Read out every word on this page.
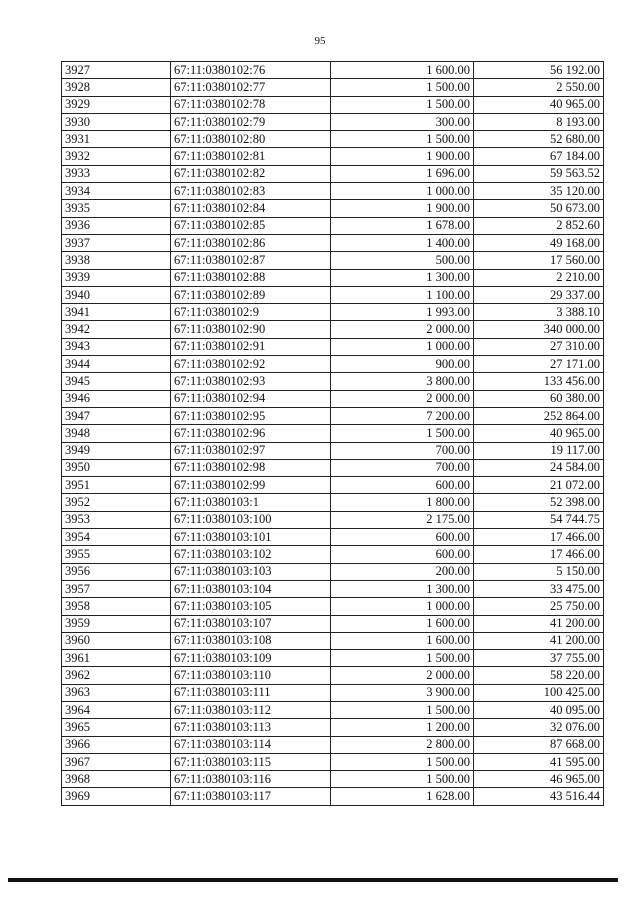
95
3927	67:11:0380102:76	1 600.00	56 192.00
3928	67:11:0380102:77	1 500.00	2 550.00
3929	67:11:0380102:78	1 500.00	40 965.00
3930	67:11:0380102:79	300.00	8 193.00
3931	67:11:0380102:80	1 500.00	52 680.00
3932	67:11:0380102:81	1 900.00	67 184.00
3933	67:11:0380102:82	1 696.00	59 563.52
3934	67:11:0380102:83	1 000.00	35 120.00
3935	67:11:0380102:84	1 900.00	50 673.00
3936	67:11:0380102:85	1 678.00	2 852.60
3937	67:11:0380102:86	1 400.00	49 168.00
3938	67:11:0380102:87	500.00	17 560.00
3939	67:11:0380102:88	1 300.00	2 210.00
3940	67:11:0380102:89	1 100.00	29 337.00
3941	67:11:0380102:9	1 993.00	3 388.10
3942	67:11:0380102:90	2 000.00	340 000.00
3943	67:11:0380102:91	1 000.00	27 310.00
3944	67:11:0380102:92	900.00	27 171.00
3945	67:11:0380102:93	3 800.00	133 456.00
3946	67:11:0380102:94	2 000.00	60 380.00
3947	67:11:0380102:95	7 200.00	252 864.00
3948	67:11:0380102:96	1 500.00	40 965.00
3949	67:11:0380102:97	700.00	19 117.00
3950	67:11:0380102:98	700.00	24 584.00
3951	67:11:0380102:99	600.00	21 072.00
3952	67:11:0380103:1	1 800.00	52 398.00
3953	67:11:0380103:100	2 175.00	54 744.75
3954	67:11:0380103:101	600.00	17 466.00
3955	67:11:0380103:102	600.00	17 466.00
3956	67:11:0380103:103	200.00	5 150.00
3957	67:11:0380103:104	1 300.00	33 475.00
3958	67:11:0380103:105	1 000.00	25 750.00
3959	67:11:0380103:107	1 600.00	41 200.00
3960	67:11:0380103:108	1 600.00	41 200.00
3961	67:11:0380103:109	1 500.00	37 755.00
3962	67:11:0380103:110	2 000.00	58 220.00
3963	67:11:0380103:111	3 900.00	100 425.00
3964	67:11:0380103:112	1 500.00	40 095.00
3965	67:11:0380103:113	1 200.00	32 076.00
3966	67:11:0380103:114	2 800.00	87 668.00
3967	67:11:0380103:115	1 500.00	41 595.00
3968	67:11:0380103:116	1 500.00	46 965.00
3969	67:11:0380103:117	1 628.00	43 516.44
